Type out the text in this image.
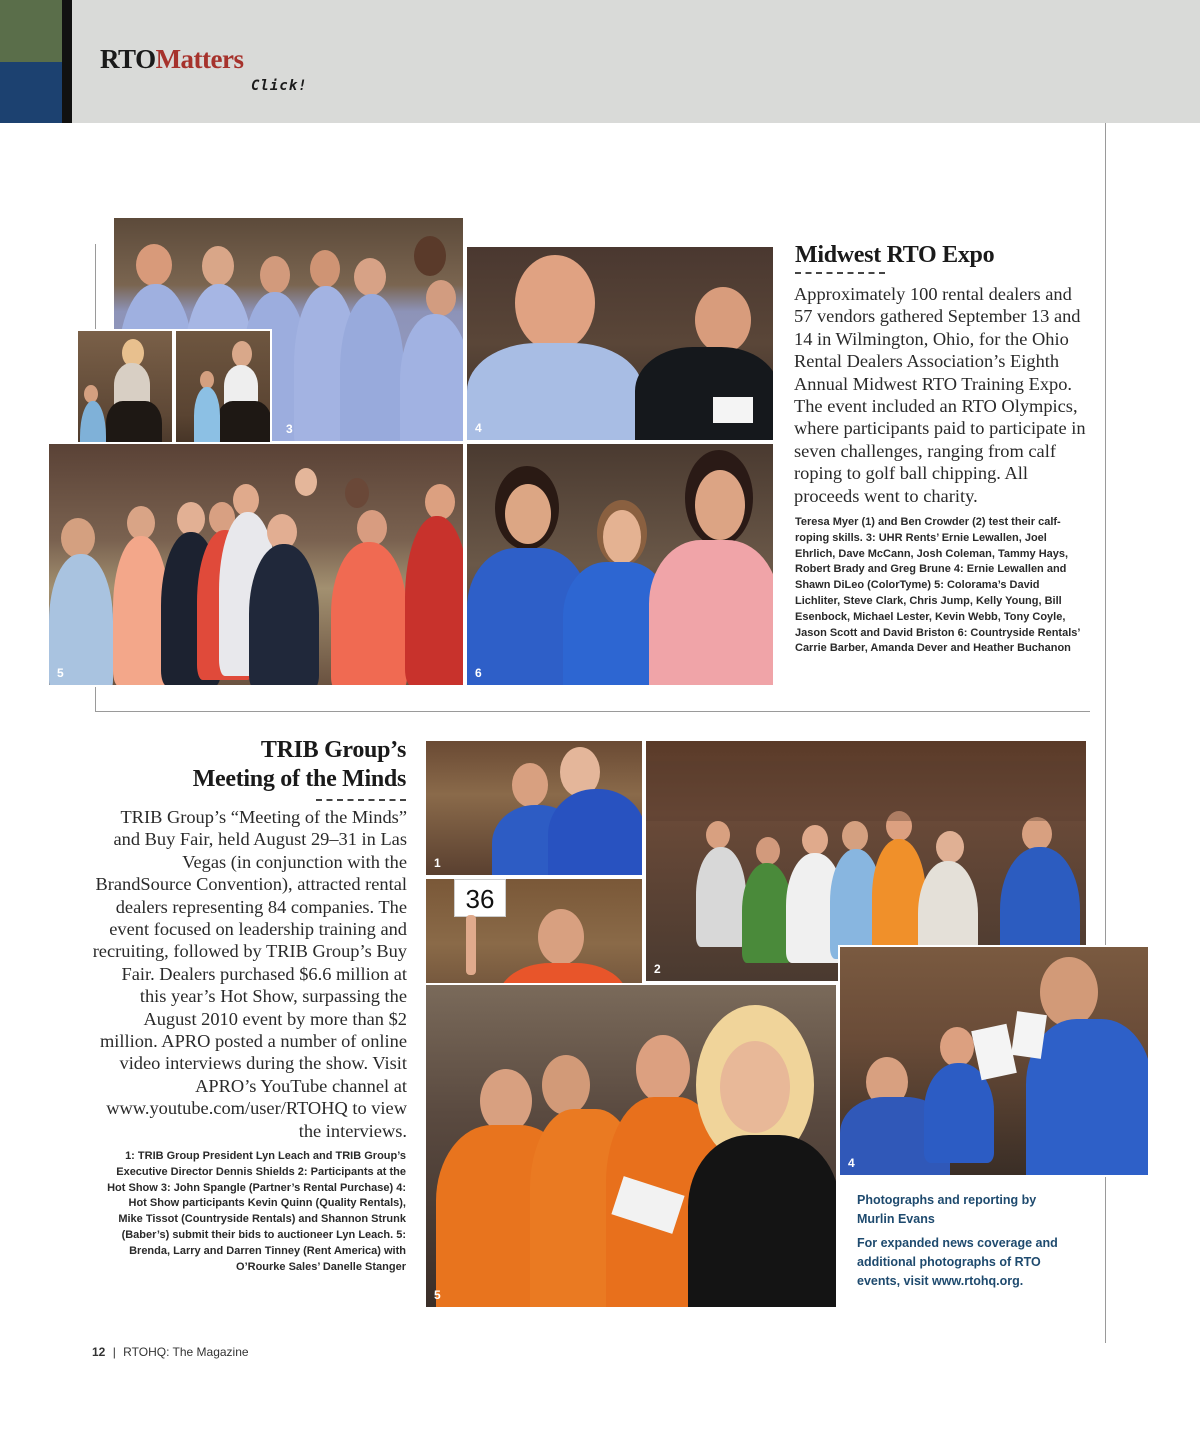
RTOMatters
Click!
3	4
5	6
Midwest RTO Expo
Approximately 100 rental dealers and 57 vendors gathered September 13 and 14 in Wilmington, Ohio, for the Ohio Rental Dealers Association’s Eighth Annual Midwest RTO Training Expo. The event included an RTO Olympics, where participants paid to participate in seven challenges, ranging from calf roping to golf ball chipping. All proceeds went to charity.
Teresa Myer (1) and Ben Crowder (2) test their calf-roping skills. 3: UHR Rents’ Ernie Lewallen, Joel Ehrlich, Dave McCann, Josh Coleman, Tammy Hays, Robert Brady and Greg Brune 4: Ernie Lewallen and Shawn DiLeo (ColorTyme) 5: Colorama’s David Lichliter, Steve Clark, Chris Jump, Kelly Young, Bill Esenbock, Michael Lester, Kevin Webb, Tony Coyle, Jason Scott and David Briston 6: Countryside Rentals’ Carrie Barber, Amanda Dever and Heather Buchanon
TRIB Group’s
Meeting of the Minds
TRIB Group’s “Meeting of the Minds” and Buy Fair, held August 29–31 in Las Vegas (in conjunction with the BrandSource Convention), attracted rental dealers representing 84 companies. The event focused on leadership training and recruiting, followed by TRIB Group’s Buy Fair. Dealers purchased $6.6 million at this year’s Hot Show, surpassing the August 2010 event by more than $2 million. APRO posted a number of online video interviews during the show. Visit APRO’s YouTube channel at www.youtube.com/user/RTOHQ to view the interviews.
1: TRIB Group President Lyn Leach and TRIB Group’s Executive Director Dennis Shields 2: Participants at the Hot Show 3: John Spangle (Partner’s Rental Purchase) 4: Hot Show participants Kevin Quinn (Quality Rentals), Mike Tissot (Countryside Rentals) and Shannon Strunk (Baber’s) submit their bids to auctioneer Lyn Leach. 5: Brenda, Larry and Darren Tinney (Rent America) with O’Rourke Sales’ Danelle Stanger
1
36
2
5
4
Photographs and reporting by Murlin Evans
For expanded news coverage and additional photographs of RTO events, visit www.rtohq.org.
12 | RTOHQ: The Magazine
